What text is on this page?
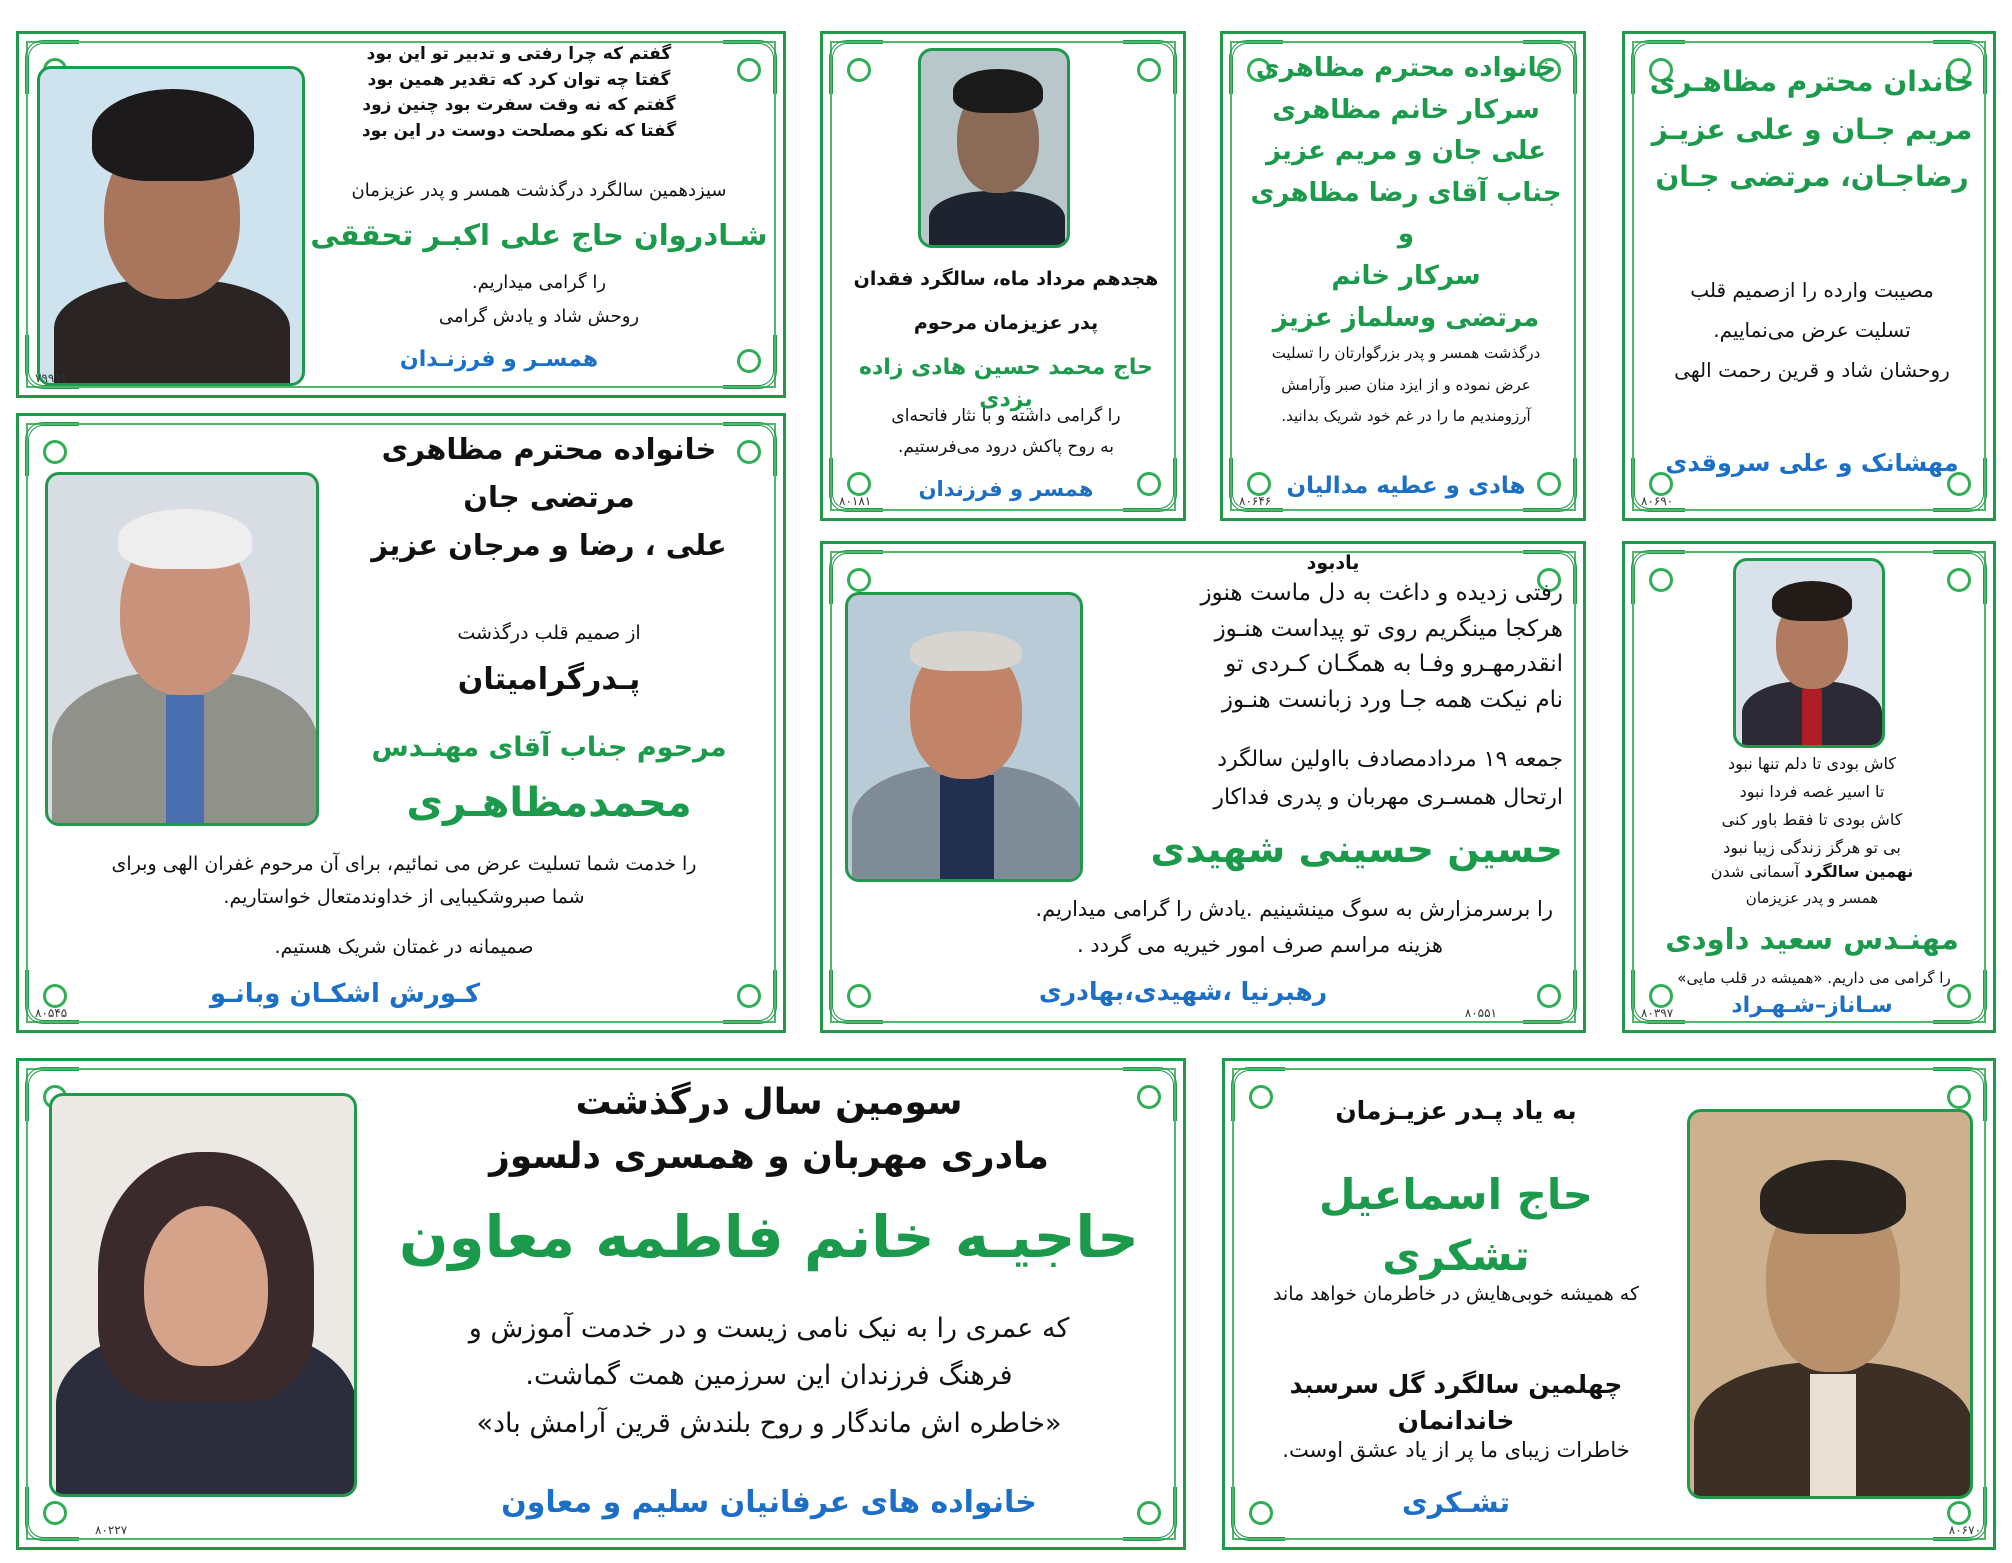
گفتم که چرا رفتی و تدبیر تو این بود
گفتا چه توان کرد که تقدیر همین بود
گفتم که نه وقت سفرت بود چنین زود
گفتا که نکو مصلحت دوست در این بود
سیزدهمین سالگرد درگذشت همسر و پدر عزیزمان
شـادروان حاج علی اکبـر تحققی
را گرامی میداریم.
روحش شاد و یادش گرامی
همسـر و فرزنـدان
۷۹۹۹۱
هجدهم مرداد ماه، سالگرد فقدان
پدر عزیزمان مرحوم
حاج محمد حسین هادی زاده یزدی
را گرامی داشته و با نثار فاتحه‌ای
به روح پاکش درود می‌فرستیم.
همسر و فرزندان
۸۰۱۸۱
خانواده محترم مظاهری
سرکار خانم مظاهری
علی جان و مریم عزیز
جناب آقای رضا مظاهری و
سرکار خانم
مرتضی وسلماز عزیز
درگذشت همسر و پدر بزرگوارتان را تسلیت
عرض نموده و از ایزد منان صبر وآرامش
آرزومندیم ما را در غم خود شریک بدانید.
هادی و عطیه مدالیان
۸۰۶۴۶
خاندان محترم مظاهـری
مریم جـان و علی عزیـز
رضاجـان، مرتضی جـان
مصیبت وارده را ازصمیم قلب
تسلیت عرض می‌نماییم.
روحشان شاد و قرین رحمت الهی
مهشانک و علی سروقدی
۸۰۶۹۰
خانواده محترم مظاهری
مرتضی جان
علی ، رضا و مرجان عزیز
از صمیم قلب درگذشت
پـدرگرامیتان
مرحوم جناب آقای مهنـدس
محمدمظاهـری
را خدمت شما تسلیت عرض می نمائیم، برای آن مرحوم غفران الهی وبرای
شما صبروشکیبایی از خداوندمتعال خواستاریم.
صمیمانه در غمتان شریک هستیم.
کـورش اشکـان وبانـو
۸۰۵۴۵
یادبود
رفتی زدیده و داغت به دل ماست هنوز
هرکجا مینگریم روی تو پیداست هنـوز
انقدرمهـرو وفـا به همگـان کـردی تو
نام نیکت همه جـا ورد زبانست هنـوز
جمعه ۱۹ مردادمصادف بااولین سالگرد
ارتحال همسـری مهربان و پدری فداکار
حسین حسینی شهیدی
را برسرمزارش به سوگ مینشینیم .یادش را گرامی میداریم.
هزینه مراسم صرف امور خیریه می گردد .
رهبرنیا ،شهیدی،بهادری
۸۰۵۵۱
کاش بودی تا دلم تنها نبود
تا اسیر غصه فردا نبود
کاش بودی تا فقط باور کنی
بی تو هرگز زندگی زیبا نبود
نهمین سالگرد آسمانی شدن
همسر و پدر عزیزمان
مهنـدس سعید داودی
را گرامی می داریم. «همیشه در قلب مایی»
سـاناز–شـهـراد
۸۰۳۹۷
سومین سال درگذشت
مادری مهربان و همسری دلسوز
حاجیـه خانم فاطمه معاون
که عمری را به نیک نامی زیست و در خدمت آموزش و
فرهنگ فرزندان این سرزمین همت گماشت.
«خاطره اش ماندگار و روح بلندش قرین آرامش باد»
خانواده های عرفانیان سلیم و معاون
۸۰۲۲۷
به یاد پـدر عزیـزمان
حاج اسماعیل تشکری
که همیشه خوبی‌هایش در خاطرمان خواهد ماند
چهلمین سالگرد گل سرسبد خاندانمان
خاطرات زیبای ما پر از یاد عشق اوست.
تشـکری
۸۰۶۷۰
